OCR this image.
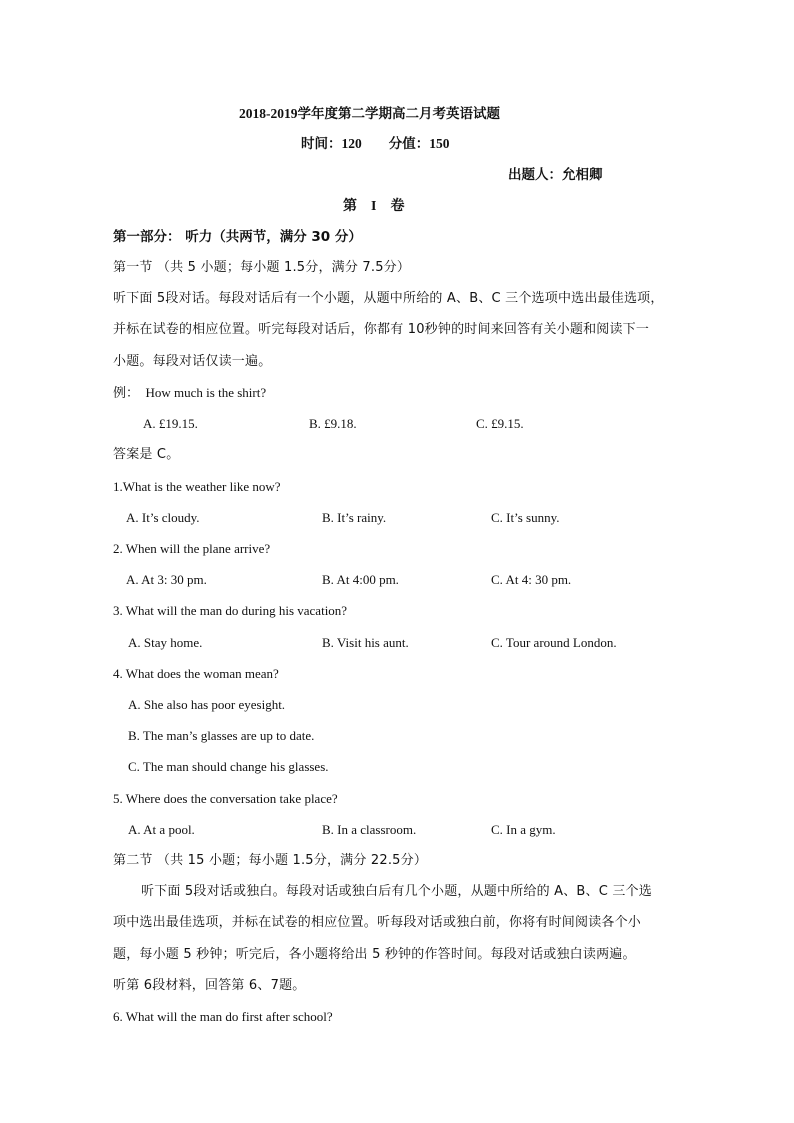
2018-2019学年度第二学期高二月考英语试题
时间：120　　分值：150
出题人：允相卿
第　I　卷
第一部分： 听力（共两节，满分 30 分）
第一节 （共 5 小题；每小题 1.5分，满分 7.5分）
听下面 5段对话。每段对话后有一个小题，从题中所给的 A、B、C 三个选项中选出最佳选项，
并标在试卷的相应位置。听完每段对话后，你都有 10秒钟的时间来回答有关小题和阅读下一
小题。每段对话仅读一遍。
例：　How much is the shirt?
A. £19.15.	B. £9.18.	C. £9.15.
答案是 C。
1.What is the weather like now?
A. It’s cloudy.	B. It’s rainy.	C. It’s sunny.
2. When will the plane arrive?
A. At 3: 30 pm.	B. At 4:00 pm.	C. At 4: 30 pm.
3. What will the man do during his vacation?
A. Stay home.	B. Visit his aunt.	C. Tour around London.
4. What does the woman mean?
A. She also has poor eyesight.
B. The man’s glasses are up to date.
C. The man should change his glasses.
5. Where does the conversation take place?
A. At a pool.	B. In a classroom.	C. In a gym.
第二节 （共 15 小题；每小题 1.5分，满分 22.5分）
听下面 5段对话或独白。每段对话或独白后有几个小题，从题中所给的 A、B、C 三个选
项中选出最佳选项，并标在试卷的相应位置。听每段对话或独白前，你将有时间阅读各个小
题，每小题 5 秒钟；听完后，各小题将给出 5 秒钟的作答时间。每段对话或独白读两遍。
听第 6段材料，回答第 6、7题。
6. What will the man do first after school?
